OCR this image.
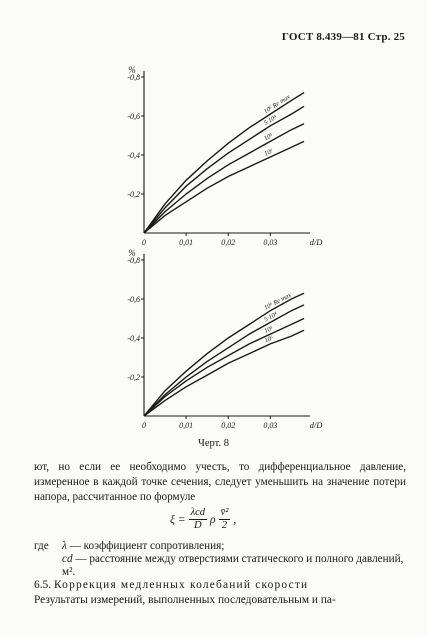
ГОСТ 8.439—81 Стр. 25
-0,2
-0,4
-0,6
-0,8
0	0,01	0,02	0,03	d/D
%
10⁶ Re max
5·10⁴
10⁵
10⁶
-0,2
-0,4
-0,6
-0,8
0	0,01	0,02	0,03	d/D
%
10⁶ Re max
5·10⁴
10⁵
10⁶
Черт. 8
ют, но если ее необходимо учесть, то дифференциальное давление, измеренное в каждой точке сечения, следует уменьшить на значение потери напора, рассчитанное по формуле
$\xi = \frac{\text{λcd}}{D}$ ρ $\frac{\text{v̄²}}{2}$ ,
где	λ — коэффициент сопротивления;
cd — расстояние между отверстиями статического и полного давлений, м².
6.5. Коррекция медленных колебаний скорости
Результаты измерений, выполненных последовательным и па-
